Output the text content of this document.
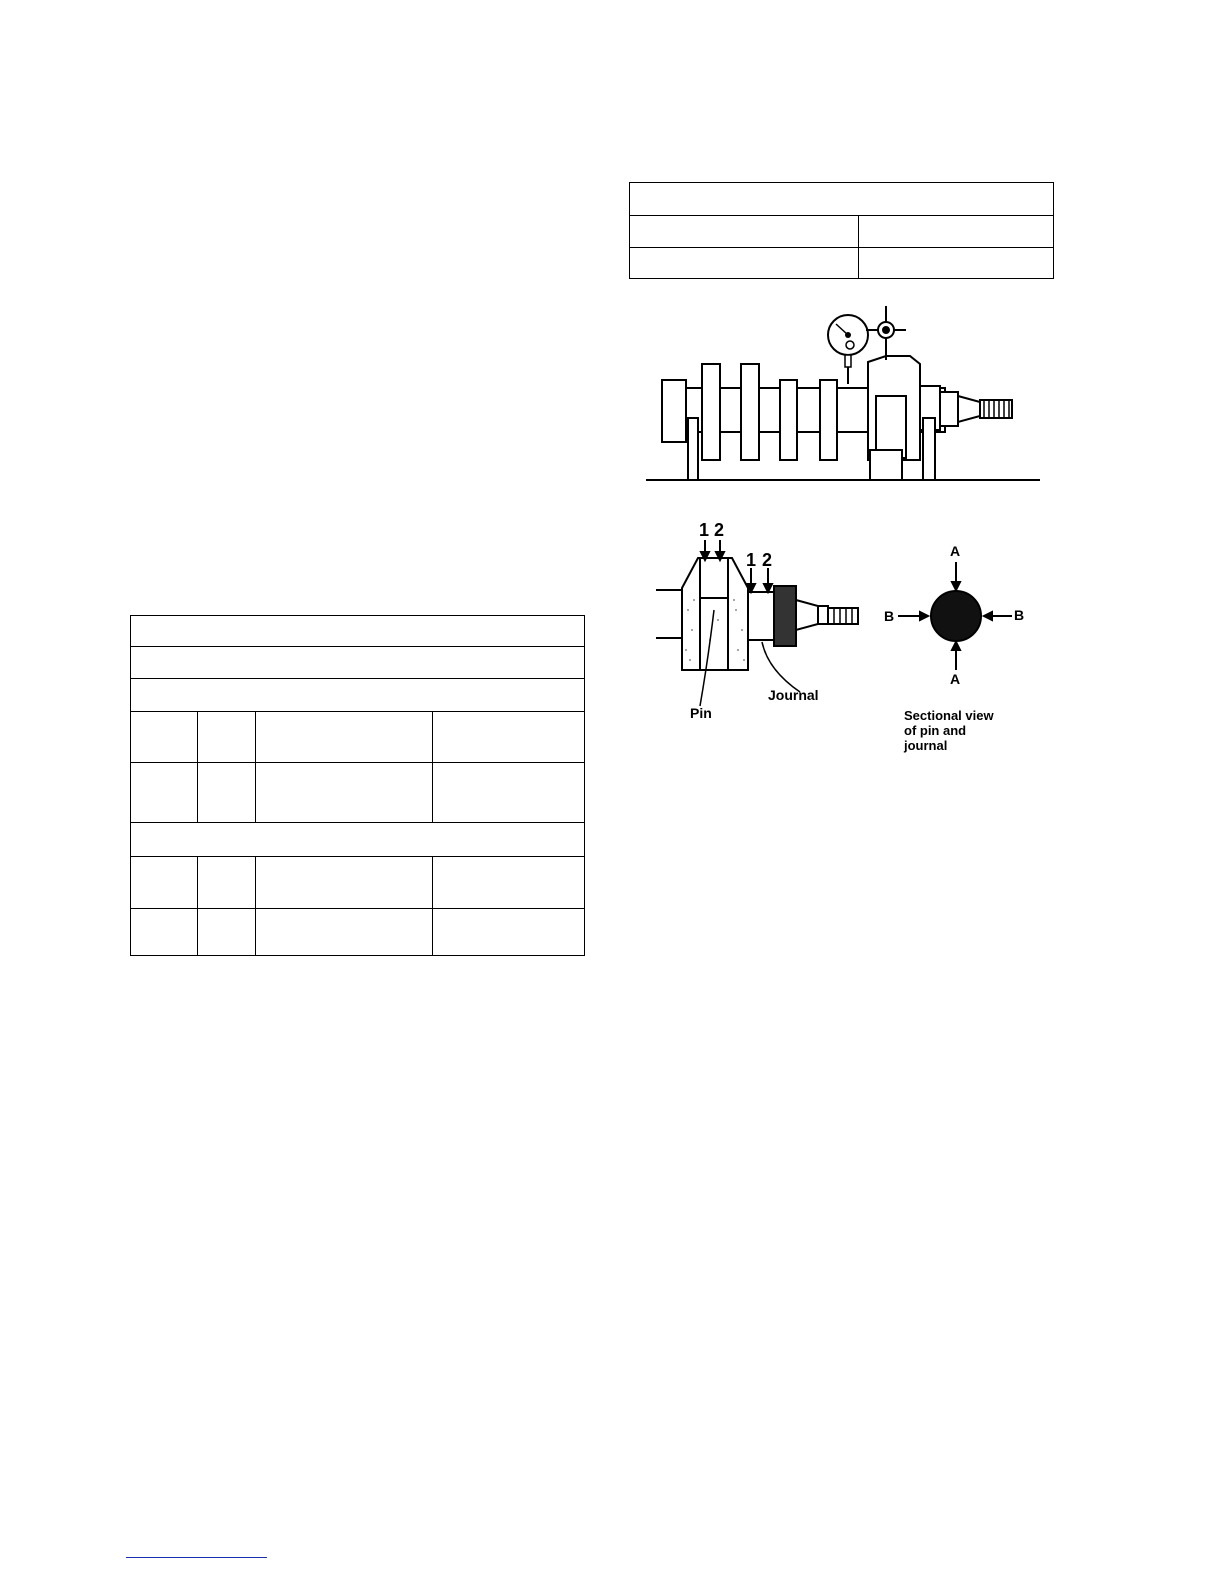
1 2
1 2
Pin
Journal
A
A
B	B
Sectional view
of pin and
journal
